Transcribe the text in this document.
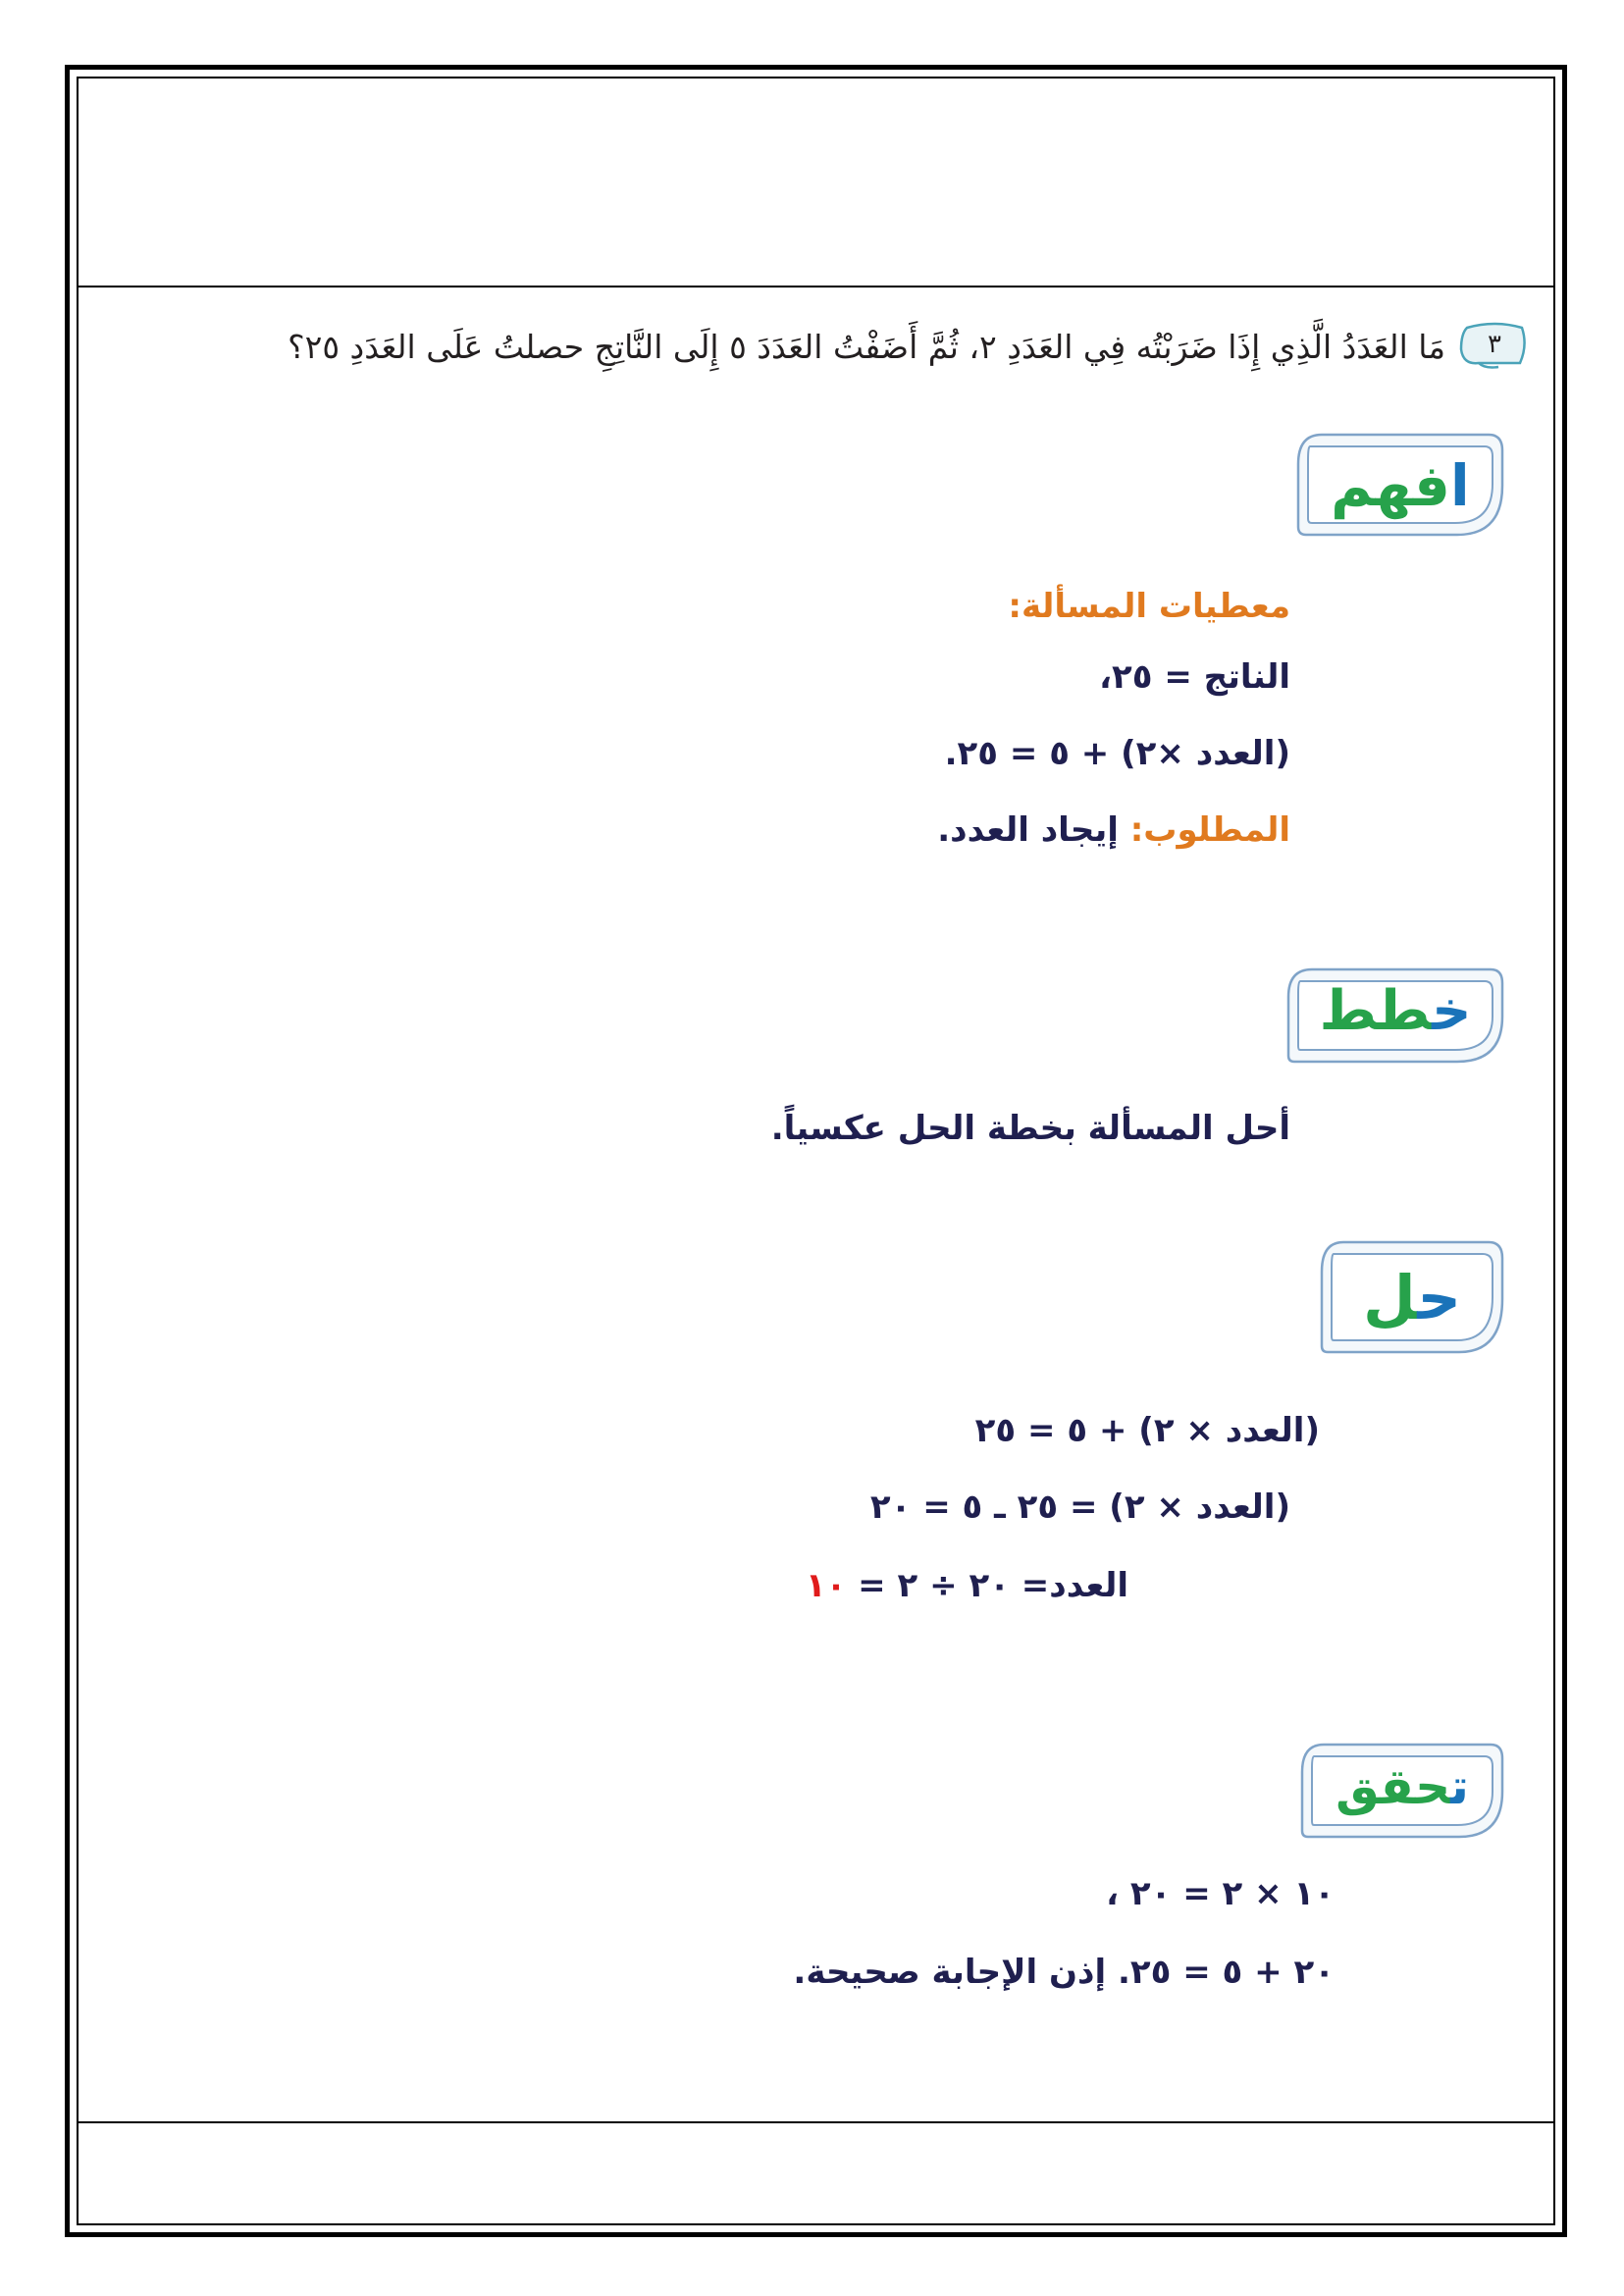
٣
مَا العَدَدُ الَّذِي إِذَا ضَرَبْتُه فِي العَدَدِ ٢، ثُمَّ أَضَفْتُ العَدَدَ ٥ إِلَى النَّاتِجِ حصلتُ عَلَى العَدَدِ ٢٥؟
افهم
معطيات المسألة:
الناتج = ٢٥،
(العدد ×٢) + ٥ = ٢٥.
المطلوب: إيجاد العدد.
خطط
أحل المسألة بخطة الحل عكسياً.
حل
(العدد × ٢) + ٥ = ٢٥
(العدد × ٢) = ٢٥ ـ ٥ = ٢٠
العدد= ٢٠ ÷ ٢ = ١٠
تحقق
١٠ × ٢ = ٢٠ ،
٢٠ + ٥ = ٢٥. إذن الإجابة صحيحة.
